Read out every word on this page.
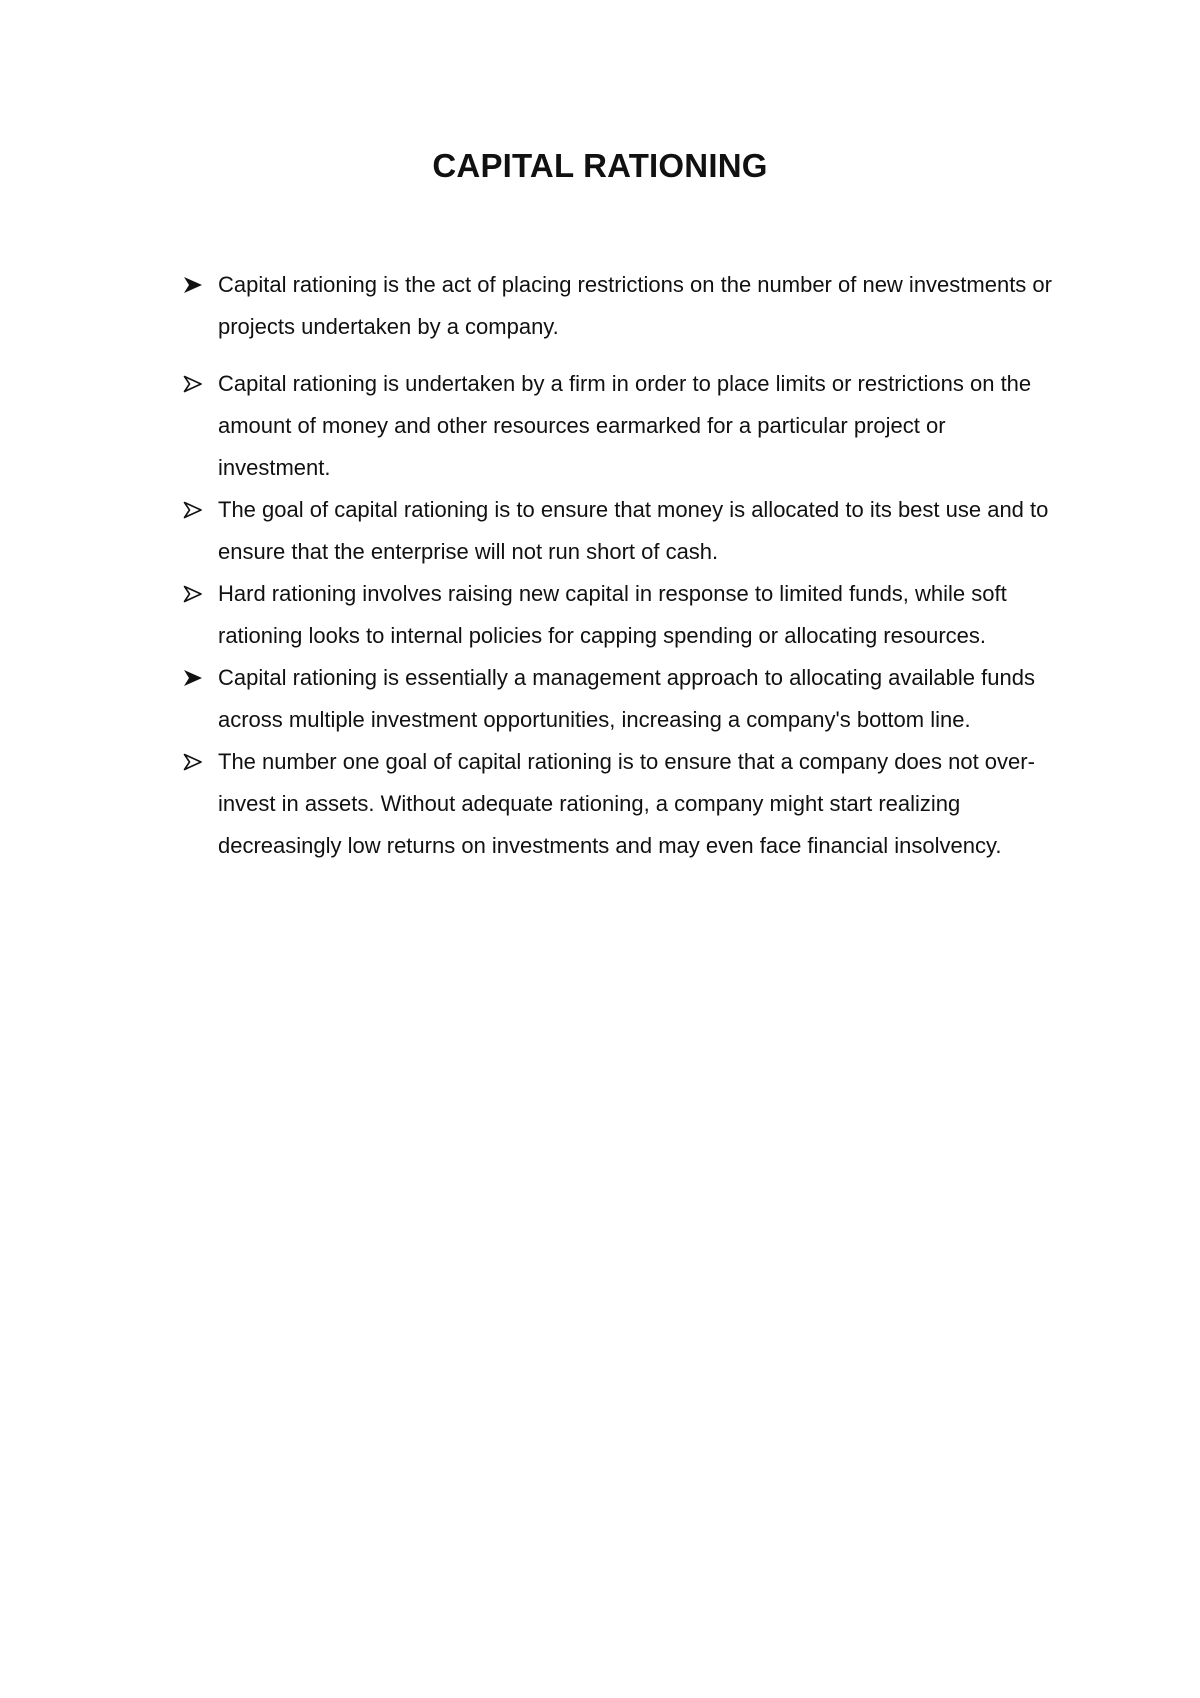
CAPITAL RATIONING
Capital rationing is the act of placing restrictions on the number of new investments or projects undertaken by a company.
Capital rationing is undertaken by a firm in order to place limits or restrictions on the amount of money and other resources earmarked for a particular project or investment.
The goal of capital rationing is to ensure that money is allocated to its best use and to ensure that the enterprise will not run short of cash.
Hard rationing involves raising new capital in response to limited funds, while soft rationing looks to internal policies for capping spending or allocating resources.
Capital rationing is essentially a management approach to allocating available funds across multiple investment opportunities, increasing a company's bottom line.
The number one goal of capital rationing is to ensure that a company does not over-invest in assets. Without adequate rationing, a company might start realizing decreasingly low returns on investments and may even face financial insolvency.
